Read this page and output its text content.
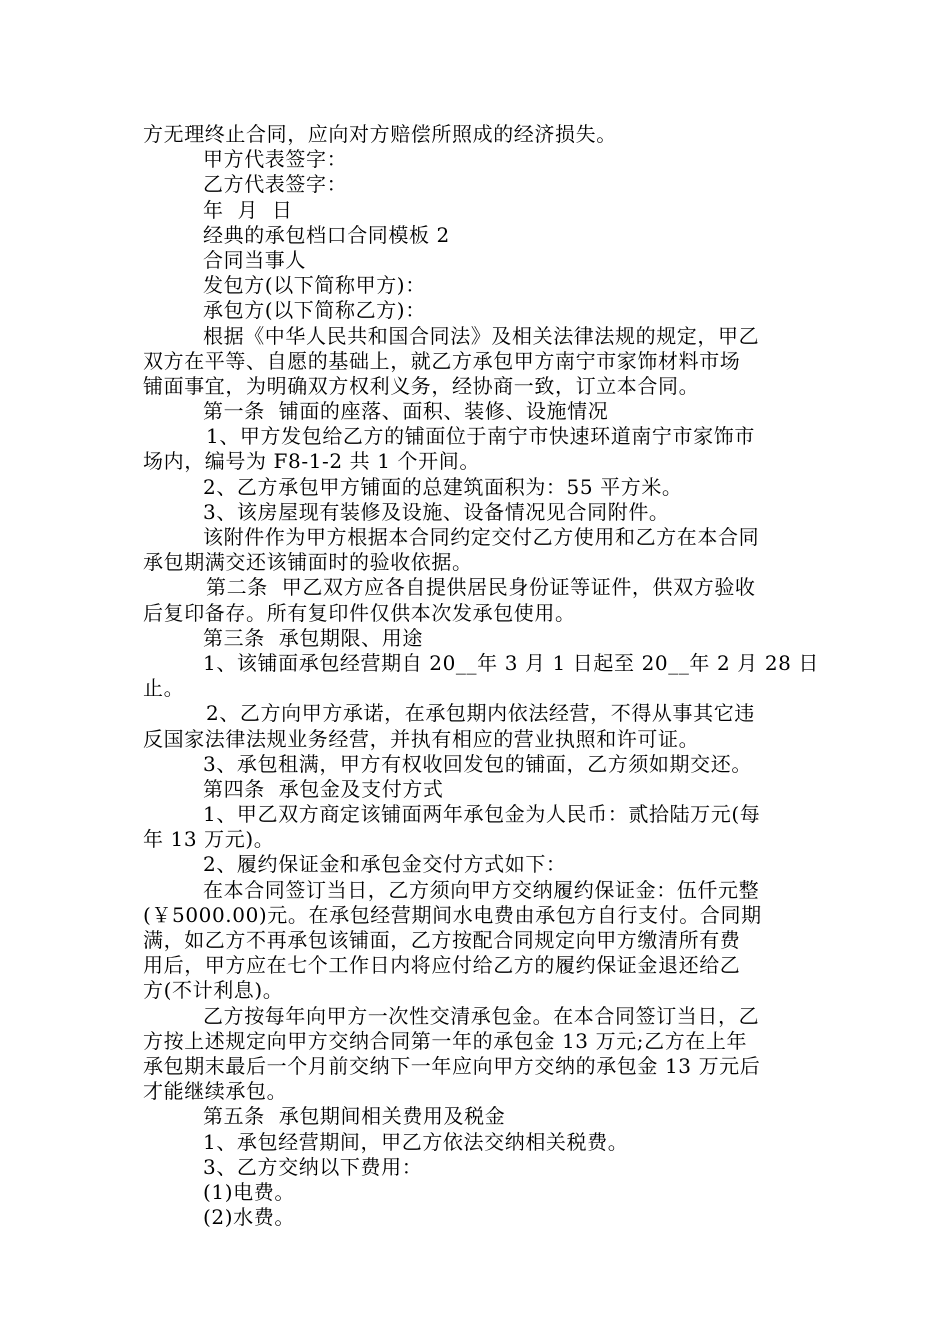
方无理终止合同，应向对方赔偿所照成的经济损失。
甲方代表签字：
乙方代表签字：
年  月  日
经典的承包档口合同模板 2
合同当事人
发包方(以下简称甲方)：
承包方(以下简称乙方)：
根据《中华人民共和国合同法》及相关法律法规的规定，甲乙
双方在平等、自愿的基础上，就乙方承包甲方南宁市家饰材料市场
铺面事宜，为明确双方权利义务，经协商一致，订立本合同。
第一条  铺面的座落、面积、装修、设施情况
1、甲方发包给乙方的铺面位于南宁市快速环道南宁市家饰市
场内，编号为 F8-1-2 共 1 个开间。
2、乙方承包甲方铺面的总建筑面积为：55 平方米。
3、该房屋现有装修及设施、设备情况见合同附件。
该附件作为甲方根据本合同约定交付乙方使用和乙方在本合同
承包期满交还该铺面时的验收依据。
第二条  甲乙双方应各自提供居民身份证等证件，供双方验收
后复印备存。所有复印件仅供本次发承包使用。
第三条  承包期限、用途
1、该铺面承包经营期自 20__年 3 月 1 日起至 20__年 2 月 28 日
止。
2、乙方向甲方承诺，在承包期内依法经营，不得从事其它违
反国家法律法规业务经营，并执有相应的营业执照和许可证。
3、承包租满，甲方有权收回发包的铺面，乙方须如期交还。
第四条  承包金及支付方式
1、甲乙双方商定该铺面两年承包金为人民币：贰拾陆万元(每
年 13 万元)。
2、履约保证金和承包金交付方式如下：
在本合同签订当日，乙方须向甲方交纳履约保证金：伍仟元整
(￥5000.00)元。在承包经营期间水电费由承包方自行支付。合同期
满，如乙方不再承包该铺面，乙方按配合同规定向甲方缴清所有费
用后，甲方应在七个工作日内将应付给乙方的履约保证金退还给乙
方(不计利息)。
乙方按每年向甲方一次性交清承包金。在本合同签订当日，乙
方按上述规定向甲方交纳合同第一年的承包金 13 万元;乙方在上年
承包期末最后一个月前交纳下一年应向甲方交纳的承包金 13 万元后
才能继续承包。
第五条  承包期间相关费用及税金
1、承包经营期间，甲乙方依法交纳相关税费。
3、乙方交纳以下费用：
(1)电费。
(2)水费。
